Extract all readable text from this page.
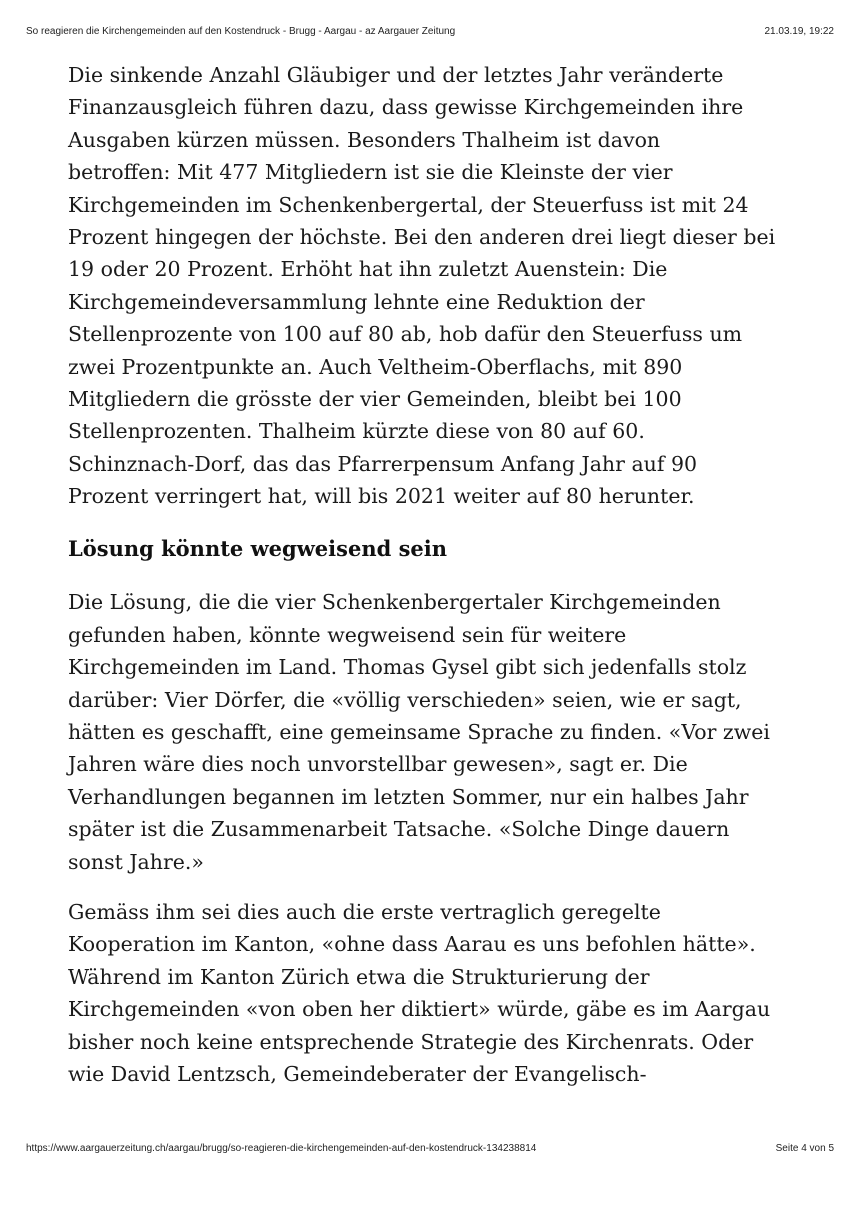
So reagieren die Kirchengemeinden auf den Kostendruck - Brugg - Aargau - az Aargauer Zeitung	21.03.19, 19:22

Die sinkende Anzahl Gläubiger und der letztes Jahr veränderte
Finanzausgleich führen dazu, dass gewisse Kirchgemeinden ihre
Ausgaben kürzen müssen. Besonders Thalheim ist davon
betroffen: Mit 477 Mitgliedern ist sie die Kleinste der vier
Kirchgemeinden im Schenkenbergertal, der Steuerfuss ist mit 24
Prozent hingegen der höchste. Bei den anderen drei liegt dieser bei
19 oder 20 Prozent. Erhöht hat ihn zuletzt Auenstein: Die
Kirchgemeindeversammlung lehnte eine Reduktion der
Stellenprozente von 100 auf 80 ab, hob dafür den Steuerfuss um
zwei Prozentpunkte an. Auch Veltheim-Oberflachs, mit 890
Mitgliedern die grösste der vier Gemeinden, bleibt bei 100
Stellenprozenten. Thalheim kürzte diese von 80 auf 60.
Schinznach-Dorf, das das Pfarrerpensum Anfang Jahr auf 90
Prozent verringert hat, will bis 2021 weiter auf 80 herunter.

Lösung könnte wegweisend sein

Die Lösung, die die vier Schenkenbergertaler Kirchgemeinden
gefunden haben, könnte wegweisend sein für weitere
Kirchgemeinden im Land. Thomas Gysel gibt sich jedenfalls stolz
darüber: Vier Dörfer, die «völlig verschieden» seien, wie er sagt,
hätten es geschafft, eine gemeinsame Sprache zu finden. «Vor zwei
Jahren wäre dies noch unvorstellbar gewesen», sagt er. Die
Verhandlungen begannen im letzten Sommer, nur ein halbes Jahr
später ist die Zusammenarbeit Tatsache. «Solche Dinge dauern
sonst Jahre.»

Gemäss ihm sei dies auch die erste vertraglich geregelte
Kooperation im Kanton, «ohne dass Aarau es uns befohlen hätte».
Während im Kanton Zürich etwa die Strukturierung der
Kirchgemeinden «von oben her diktiert» würde, gäbe es im Aargau
bisher noch keine entsprechende Strategie des Kirchenrats. Oder
wie David Lentzsch, Gemeindeberater der Evangelisch-

https://www.aargauerzeitung.ch/aargau/brugg/so-reagieren-die-kirchengemeinden-auf-den-kostendruck-134238814	Seite 4 von 5
